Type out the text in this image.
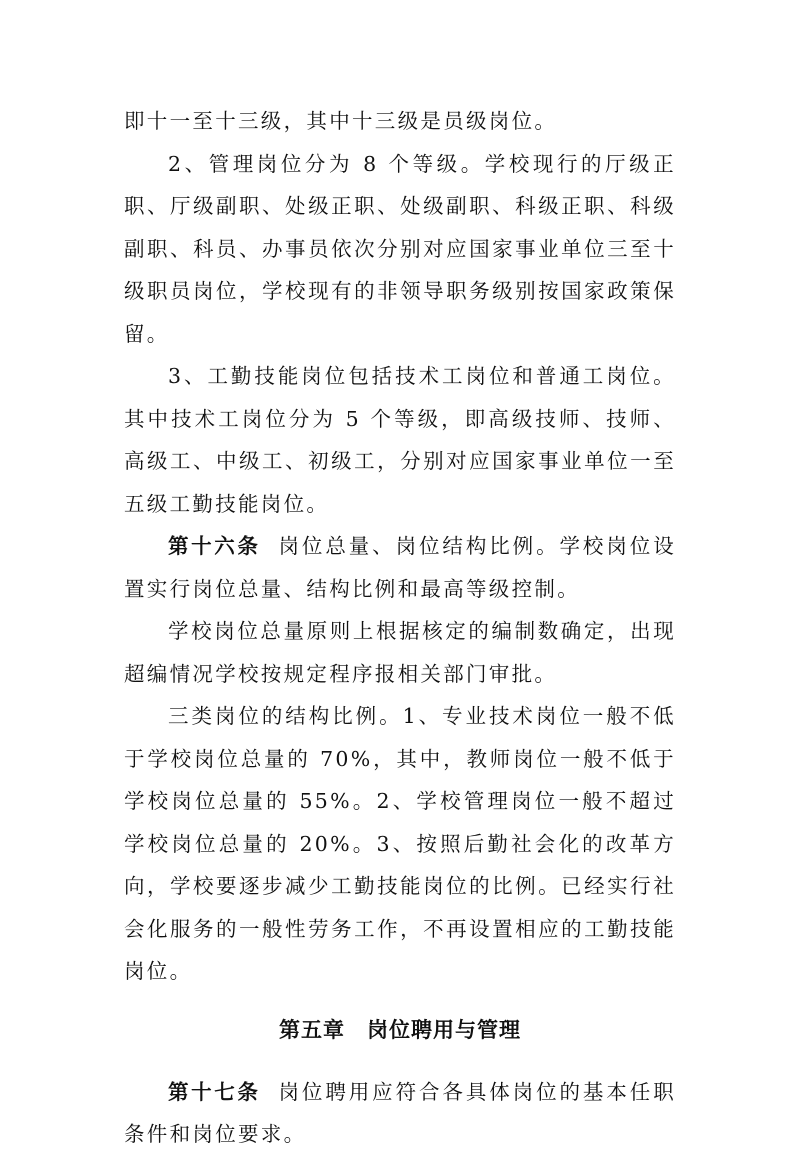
即十一至十三级，其中十三级是员级岗位。

2、管理岗位分为 8 个等级。学校现行的厅级正职、厅级副职、处级正职、处级副职、科级正职、科级副职、科员、办事员依次分别对应国家事业单位三至十级职员岗位，学校现有的非领导职务级别按国家政策保留。

3、工勤技能岗位包括技术工岗位和普通工岗位。其中技术工岗位分为 5 个等级，即高级技师、技师、高级工、中级工、初级工，分别对应国家事业单位一至五级工勤技能岗位。

第十六条 岗位总量、岗位结构比例。学校岗位设置实行岗位总量、结构比例和最高等级控制。

学校岗位总量原则上根据核定的编制数确定，出现超编情况学校按规定程序报相关部门审批。

三类岗位的结构比例。1、专业技术岗位一般不低于学校岗位总量的 70%，其中，教师岗位一般不低于学校岗位总量的 55%。2、学校管理岗位一般不超过学校岗位总量的 20%。3、按照后勤社会化的改革方向，学校要逐步减少工勤技能岗位的比例。已经实行社会化服务的一般性劳务工作，不再设置相应的工勤技能岗位。

第五章 岗位聘用与管理

第十七条 岗位聘用应符合各具体岗位的基本任职条件和岗位要求。
